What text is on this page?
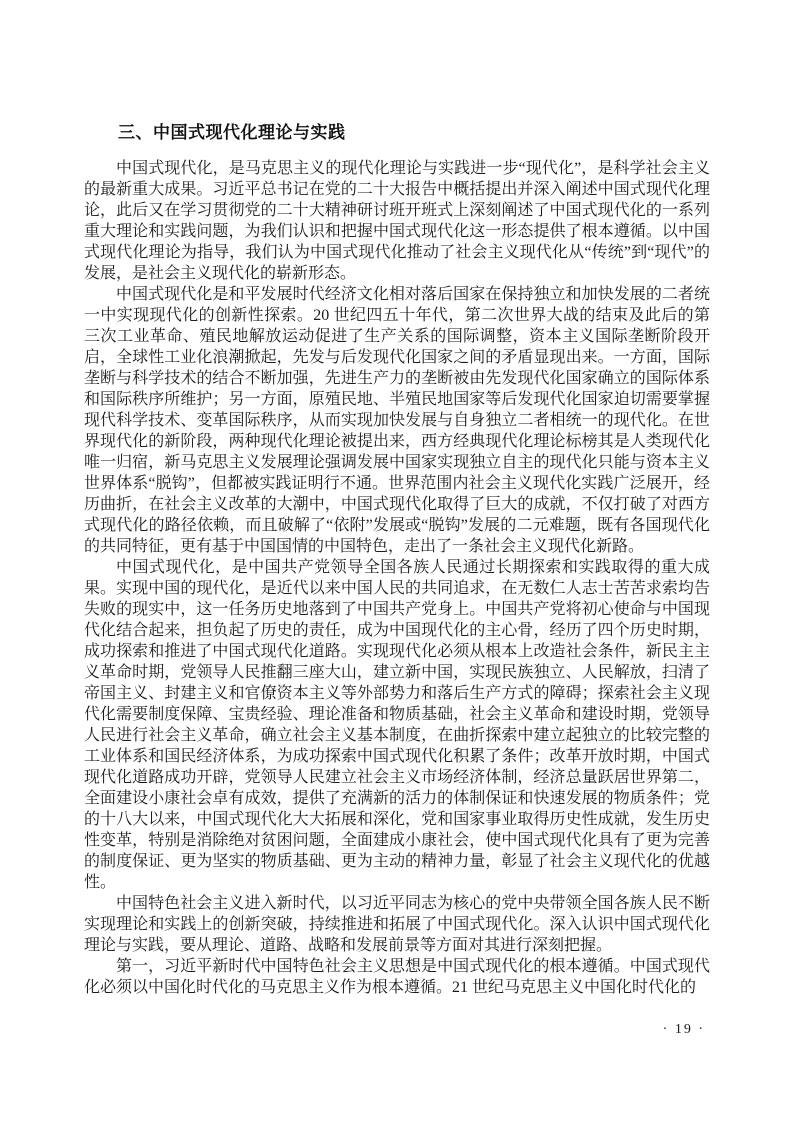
三、中国式现代化理论与实践

中国式现代化，是马克思主义的现代化理论与实践进一步“现代化”，是科学社会主义的最新重大成果。习近平总书记在党的二十大报告中概括提出并深入阐述中国式现代化理论，此后又在学习贯彻党的二十大精神研讨班开班式上深刻阐述了中国式现代化的一系列重大理论和实践问题，为我们认识和把握中国式现代化这一形态提供了根本遵循。以中国式现代化理论为指导，我们认为中国式现代化推动了社会主义现代化从“传统”到“现代”的发展，是社会主义现代化的崭新形态。

中国式现代化是和平发展时代经济文化相对落后国家在保持独立和加快发展的二者统一中实现现代化的创新性探索。20 世纪四五十年代，第二次世界大战的结束及此后的第三次工业革命、殖民地解放运动促进了生产关系的国际调整，资本主义国际垄断阶段开启，全球性工业化浪潮掀起，先发与后发现代化国家之间的矛盾显现出来。一方面，国际垄断与科学技术的结合不断加强，先进生产力的垄断被由先发现代化国家确立的国际体系和国际秩序所维护；另一方面，原殖民地、半殖民地国家等后发现代化国家迫切需要掌握现代科学技术、变革国际秩序，从而实现加快发展与自身独立二者相统一的现代化。在世界现代化的新阶段，两种现代化理论被提出来，西方经典现代化理论标榜其是人类现代化唯一归宿，新马克思主义发展理论强调发展中国家实现独立自主的现代化只能与资本主义世界体系“脱钩”，但都被实践证明行不通。世界范围内社会主义现代化实践广泛展开，经历曲折，在社会主义改革的大潮中，中国式现代化取得了巨大的成就，不仅打破了对西方式现代化的路径依赖，而且破解了“依附”发展或“脱钩”发展的二元难题，既有各国现代化的共同特征，更有基于中国国情的中国特色，走出了一条社会主义现代化新路。

中国式现代化，是中国共产党领导全国各族人民通过长期探索和实践取得的重大成果。实现中国的现代化，是近代以来中国人民的共同追求，在无数仁人志士苦苦求索均告失败的现实中，这一任务历史地落到了中国共产党身上。中国共产党将初心使命与中国现代化结合起来，担负起了历史的责任，成为中国现代化的主心骨，经历了四个历史时期，成功探索和推进了中国式现代化道路。实现现代化必须从根本上改造社会条件，新民主主义革命时期，党领导人民推翻三座大山，建立新中国，实现民族独立、人民解放，扫清了帝国主义、封建主义和官僚资本主义等外部势力和落后生产方式的障碍；探索社会主义现代化需要制度保障、宝贵经验、理论准备和物质基础，社会主义革命和建设时期，党领导人民进行社会主义革命，确立社会主义基本制度，在曲折探索中建立起独立的比较完整的工业体系和国民经济体系，为成功探索中国式现代化积累了条件；改革开放时期，中国式现代化道路成功开辟，党领导人民建立社会主义市场经济体制，经济总量跃居世界第二，全面建设小康社会卓有成效，提供了充满新的活力的体制保证和快速发展的物质条件；党的十八大以来，中国式现代化大大拓展和深化，党和国家事业取得历史性成就，发生历史性变革，特别是消除绝对贫困问题，全面建成小康社会，使中国式现代化具有了更为完善的制度保证、更为坚实的物质基础、更为主动的精神力量，彰显了社会主义现代化的优越性。

中国特色社会主义进入新时代，以习近平同志为核心的党中央带领全国各族人民不断实现理论和实践上的创新突破，持续推进和拓展了中国式现代化。深入认识中国式现代化理论与实践，要从理论、道路、战略和发展前景等方面对其进行深刻把握。

第一，习近平新时代中国特色社会主义思想是中国式现代化的根本遵循。中国式现代化必须以中国化时代化的马克思主义作为根本遵循。21 世纪马克思主义中国化时代化的

· 19 ·
